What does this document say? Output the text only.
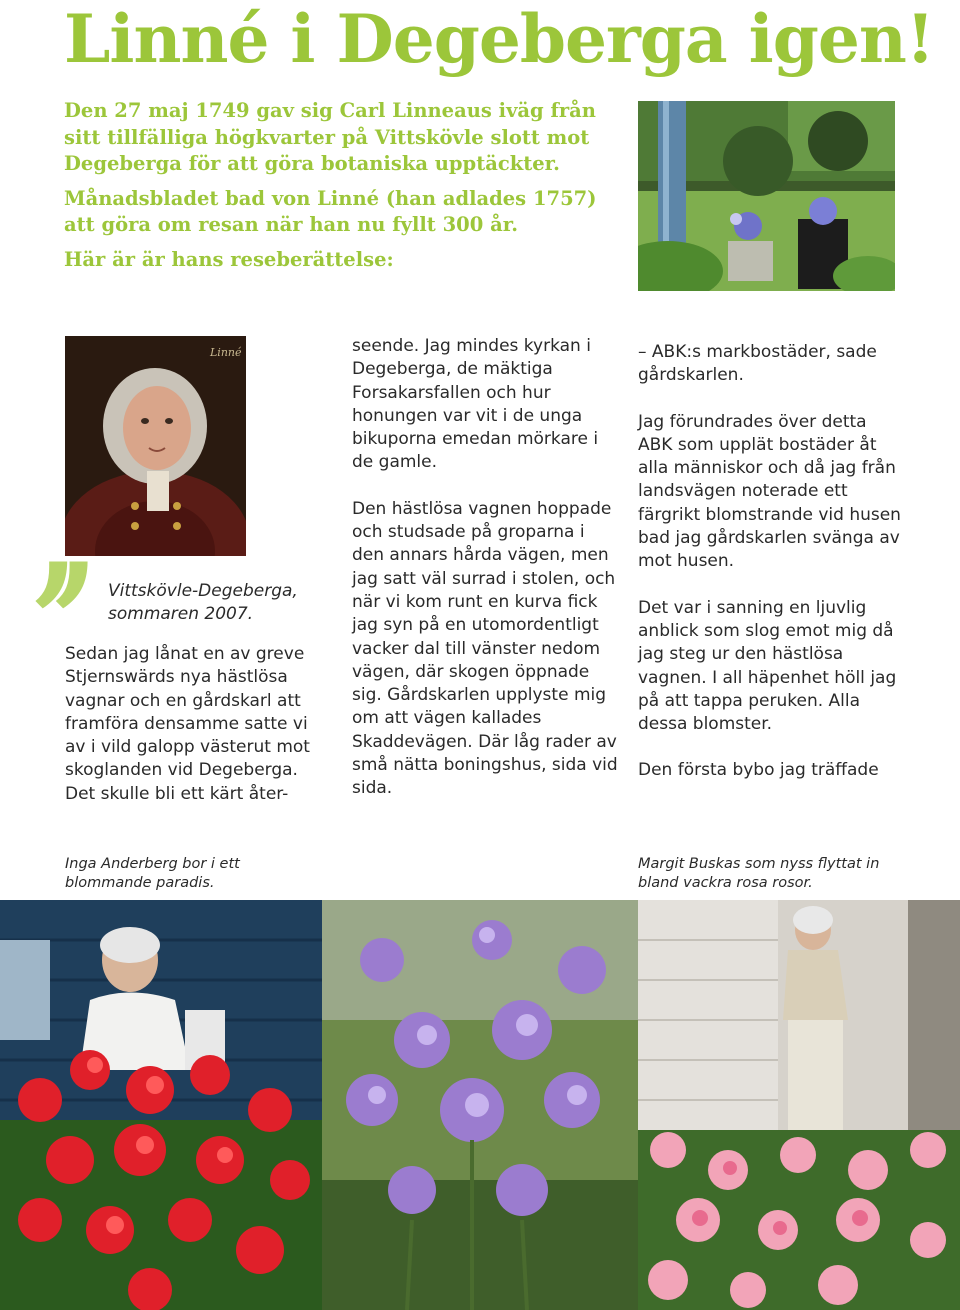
Linné i Degeberga igen!

Den 27 maj 1749 gav sig Carl Linneaus iväg från sitt tillfälliga högkvarter på Vittskövle slott mot Degeberga för att göra botaniska upptäckter.

Månadsbladet bad von Linné (han adlades 1757) att göra om resan när han nu fyllt 300 år.

Här är är hans reseberättelse:

Linné
’’	Vittskövle-Degeberga, sommaren 2007.

Sedan jag lånat en av greve Stjernswärds nya hästlösa vagnar och en gårdskarl att framföra densamme satte vi av i vild galopp västerut mot skoglanden vid Degeberga. Det skulle bli ett kärt åter-

seende. Jag mindes kyrkan i Degeberga, de mäktiga Forsakarsfallen och hur honungen var vit i de unga bikuporna emedan mörkare i de gamle.

Den hästlösa vagnen hoppade och studsade på groparna i den annars hårda vägen, men jag satt väl surrad i stolen, och när vi kom runt en kurva fick jag syn på en utomordentligt vacker dal till vänster nedom vägen, där skogen öppnade sig. Gårdskarlen upplyste mig om att vägen kallades Skaddevägen. Där låg rader av små nätta boningshus, sida vid sida.

– ABK:s markbostäder, sade gårdskarlen.

Jag förundrades över detta ABK som upplät bostäder åt alla människor och då jag från landsvägen noterade ett färgrikt blomstrande vid husen bad jag gårdskarlen svänga av mot husen.

Det var i sanning en ljuvlig anblick som slog emot mig då jag steg ur den hästlösa vagnen. I all häpenhet höll jag på att tappa peruken. Alla dessa blomster.

Den första bybo jag träffade

Inga Anderberg bor i ett blommande paradis.
Margit Buskas som nyss flyttat in bland vackra rosa rosor.
